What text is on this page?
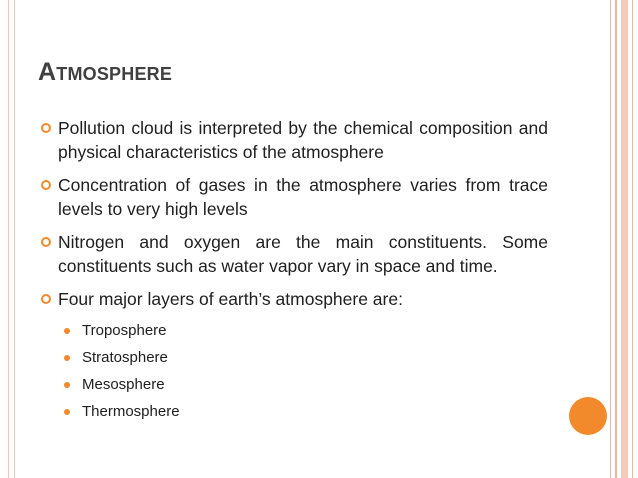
Atmosphere
Pollution cloud is interpreted by the chemical composition and physical characteristics of the atmosphere
Concentration of gases in the atmosphere varies from trace levels to very high levels
Nitrogen and oxygen are the main constituents. Some constituents such as water vapor vary in space and time.
Four major layers of earth’s atmosphere are:
Troposphere
Stratosphere
Mesosphere
Thermosphere
